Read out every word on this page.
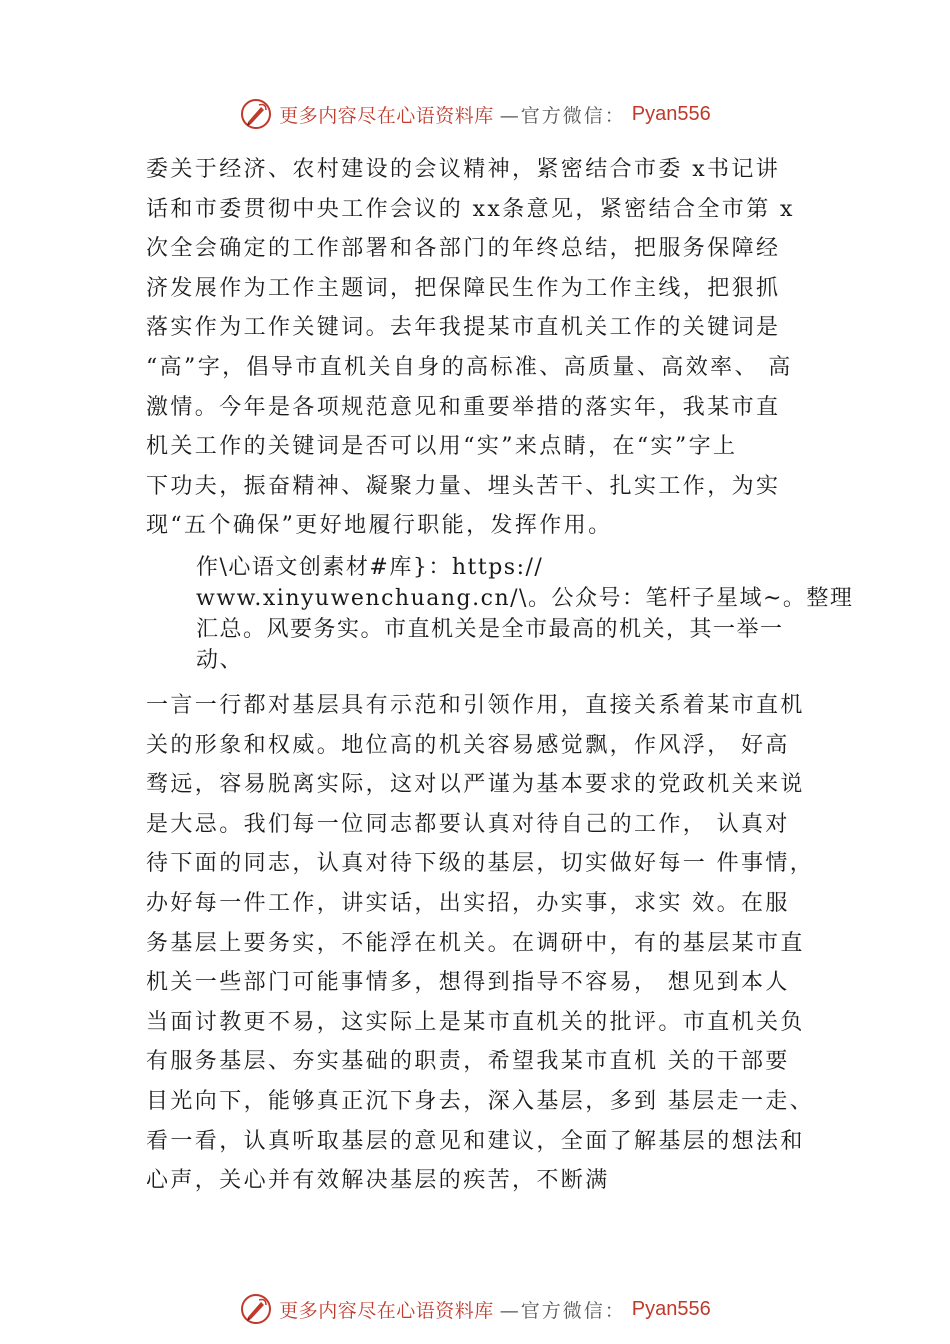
更多内容尽在心语资料库 —官方微信： Pyan556
委关于经济、农村建设的会议精神，紧密结合市委 x书记讲
话和市委贯彻中央工作会议的 xx条意见，紧密结合全市第 x
次全会确定的工作部署和各部门的年终总结，把服务保障经
济发展作为工作主题词，把保障民生作为工作主线，把狠抓
落实作为工作关键词。去年我提某市直机关工作的关键词是
“高”字，倡导市直机关自身的高标准、高质量、高效率、 高
激情。今年是各项规范意见和重要举措的落实年，我某市直
机关工作的关键词是否可以用“实”来点睛，在“实”字上
下功夫，振奋精神、凝聚力量、埋头苦干、扎实工作，为实
现“五个确保”更好地履行职能，发挥作用。
作\心语文创素材#库}：https://
www.xinyuwenchuang.cn/\。公众号：笔杆子星域~。整理
汇总。风要务实。市直机关是全市最高的机关，其一举一
动、
一言一行都对基层具有示范和引领作用，直接关系着某市直机
关的形象和权威。地位高的机关容易感觉飘，作风浮， 好高
骛远，容易脱离实际，这对以严谨为基本要求的党政机关来说
是大忌。我们每一位同志都要认真对待自己的工作， 认真对
待下面的同志，认真对待下级的基层，切实做好每一 件事情，
办好每一件工作，讲实话，出实招，办实事，求实 效。在服
务基层上要务实，不能浮在机关。在调研中，有的基层某市直
机关一些部门可能事情多，想得到指导不容易， 想见到本人
当面讨教更不易，这实际上是某市直机关的批评。市直机关负
有服务基层、夯实基础的职责，希望我某市直机 关的干部要
目光向下，能够真正沉下身去，深入基层，多到 基层走一走、
看一看，认真听取基层的意见和建议，全面了解基层的想法和
心声，关心并有效解决基层的疾苦，不断满
更多内容尽在心语资料库 —官方微信： Pyan556
